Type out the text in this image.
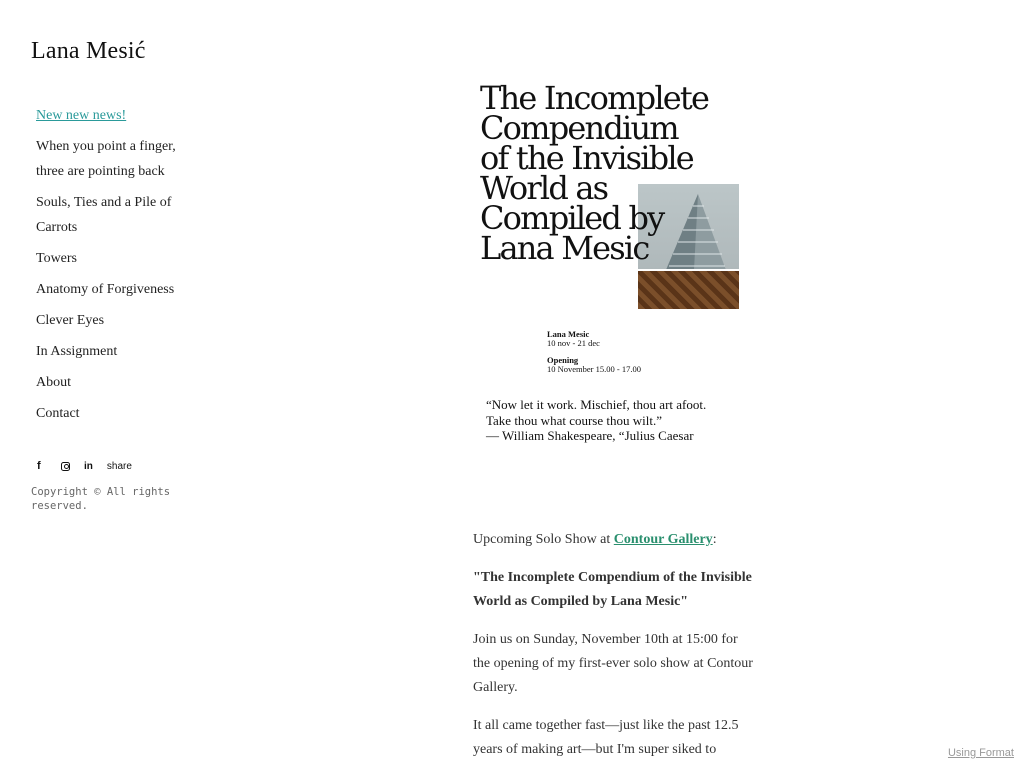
Lana Mesić
New new news!
When you point a finger, three are pointing back
Souls, Ties and a Pile of Carrots
Towers
Anatomy of Forgiveness
Clever Eyes
In Assignment
About
Contact
f	in share
Copyright © All rights reserved.
The Incomplete
Compendium
of the Invisible
World as
Compiled by
Lana Mesic
Lana Mesic
10 nov - 21 dec
Opening
10 November 15.00 - 17.00
“Now let it work. Mischief, thou art afoot.
Take thou what course thou wilt.”
— William Shakespeare, “Julius Caesar

Upcoming Solo Show at Contour Gallery:

"The Incomplete Compendium of the Invisible World as Compiled by Lana Mesic"

Join us on Sunday, November 10th at 15:00 for the opening of my first-ever solo show at Contour Gallery.

It all came together fast—just like the past 12.5 years of making art—but I'm super siked to	Using Format
